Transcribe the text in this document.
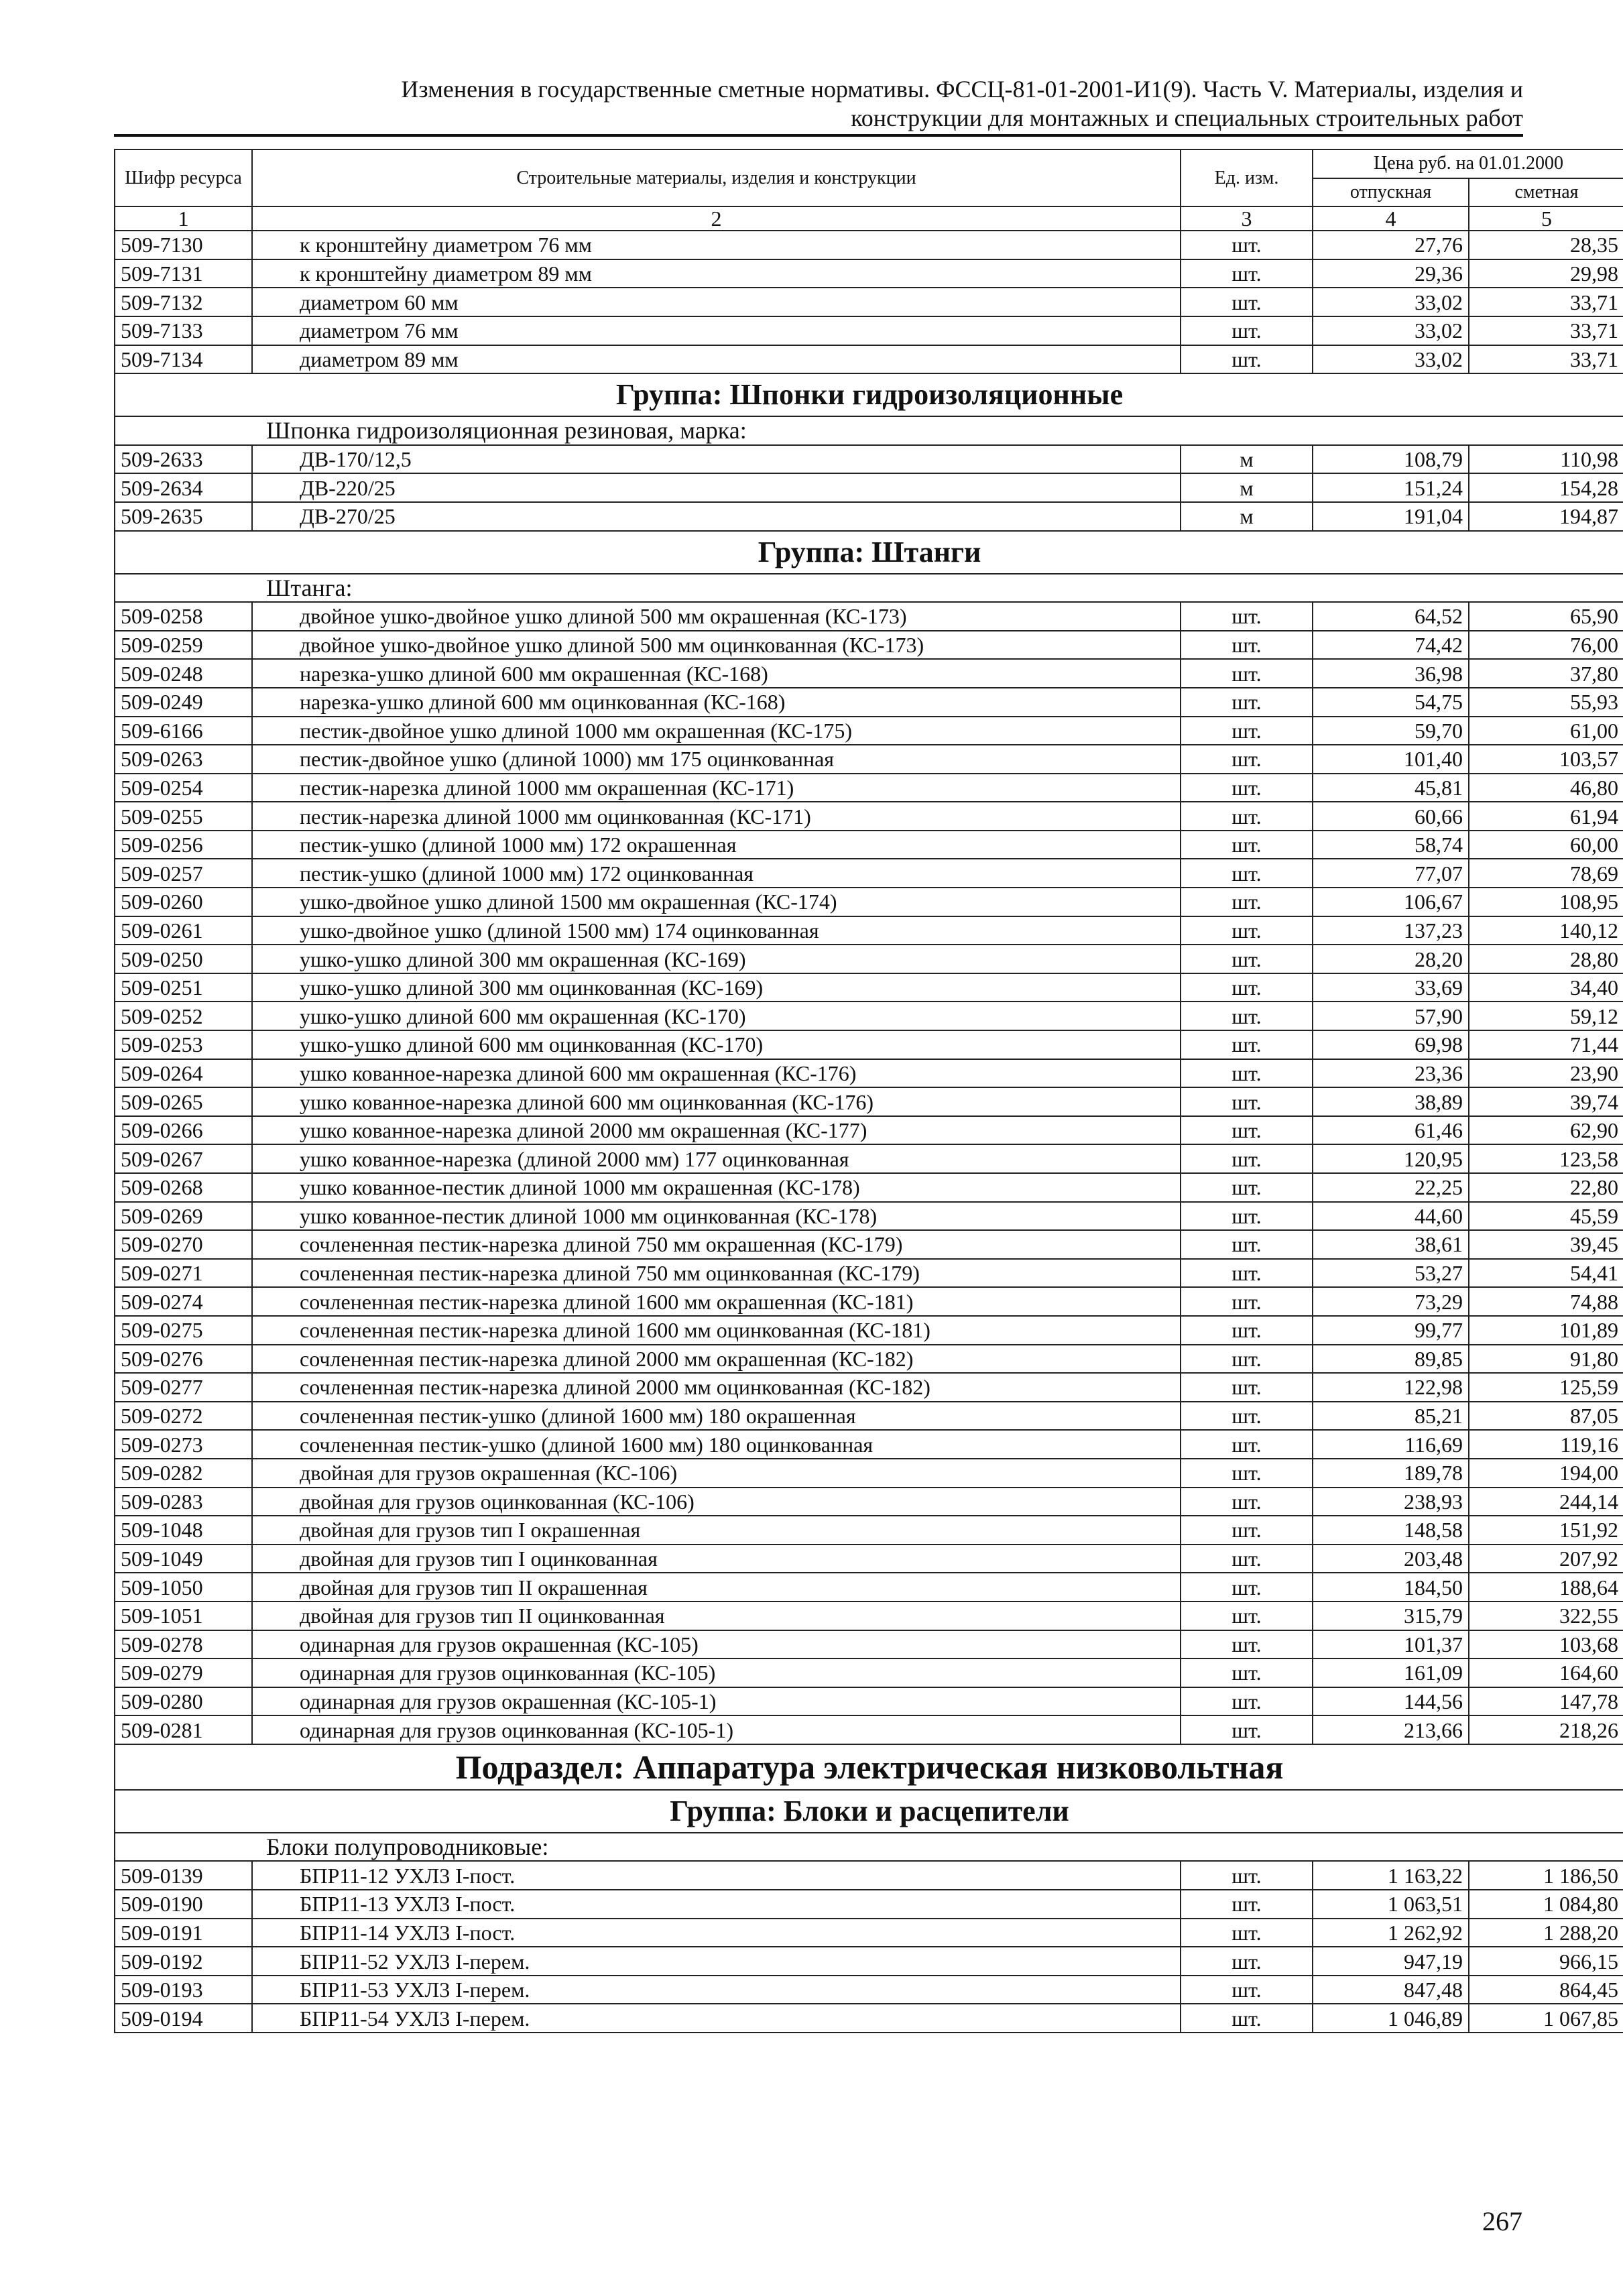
Изменения в государственные сметные нормативы. ФССЦ-81-01-2001-И1(9). Часть V. Материалы, изделия и
конструкции для монтажных и специальных строительных работ
Шифр ресурса	Строительные материалы, изделия и конструкции	Ед. изм.	Цена руб. на 01.01.2000	
			отпускная	сметная
1	2	3	4	5
509-7130	к кронштейну диаметром 76 мм	шт.	27,76	28,35
509-7131	к кронштейну диаметром 89 мм	шт.	29,36	29,98
509-7132	диаметром 60 мм	шт.	33,02	33,71
509-7133	диаметром 76 мм	шт.	33,02	33,71
509-7134	диаметром 89 мм	шт.	33,02	33,71
Группа: Шпонки гидроизоляционные				
Шпонка гидроизоляционная резиновая, марка:				
509-2633	ДВ-170/12,5	м	108,79	110,98
509-2634	ДВ-220/25	м	151,24	154,28
509-2635	ДВ-270/25	м	191,04	194,87
Группа: Штанги				
Штанга:				
509-0258	двойное ушко-двойное ушко длиной 500 мм окрашенная (КС-173)	шт.	64,52	65,90
509-0259	двойное ушко-двойное ушко длиной 500 мм оцинкованная (КС-173)	шт.	74,42	76,00
509-0248	нарезка-ушко длиной 600 мм окрашенная (КС-168)	шт.	36,98	37,80
509-0249	нарезка-ушко длиной 600 мм оцинкованная (КС-168)	шт.	54,75	55,93
509-6166	пестик-двойное ушко длиной 1000 мм окрашенная (КС-175)	шт.	59,70	61,00
509-0263	пестик-двойное ушко (длиной 1000) мм 175 оцинкованная	шт.	101,40	103,57
509-0254	пестик-нарезка длиной 1000 мм окрашенная (КС-171)	шт.	45,81	46,80
509-0255	пестик-нарезка длиной 1000 мм оцинкованная (КС-171)	шт.	60,66	61,94
509-0256	пестик-ушко (длиной 1000 мм) 172 окрашенная	шт.	58,74	60,00
509-0257	пестик-ушко (длиной 1000 мм) 172 оцинкованная	шт.	77,07	78,69
509-0260	ушко-двойное ушко длиной 1500 мм окрашенная (КС-174)	шт.	106,67	108,95
509-0261	ушко-двойное ушко (длиной 1500 мм) 174 оцинкованная	шт.	137,23	140,12
509-0250	ушко-ушко длиной 300 мм окрашенная (КС-169)	шт.	28,20	28,80
509-0251	ушко-ушко длиной 300 мм оцинкованная (КС-169)	шт.	33,69	34,40
509-0252	ушко-ушко длиной 600 мм окрашенная (КС-170)	шт.	57,90	59,12
509-0253	ушко-ушко длиной 600 мм оцинкованная (КС-170)	шт.	69,98	71,44
509-0264	ушко кованное-нарезка длиной 600 мм окрашенная (КС-176)	шт.	23,36	23,90
509-0265	ушко кованное-нарезка длиной 600 мм оцинкованная (КС-176)	шт.	38,89	39,74
509-0266	ушко кованное-нарезка длиной 2000 мм окрашенная (КС-177)	шт.	61,46	62,90
509-0267	ушко кованное-нарезка (длиной 2000 мм) 177 оцинкованная	шт.	120,95	123,58
509-0268	ушко кованное-пестик длиной 1000 мм окрашенная (КС-178)	шт.	22,25	22,80
509-0269	ушко кованное-пестик длиной 1000 мм оцинкованная (КС-178)	шт.	44,60	45,59
509-0270	сочлененная пестик-нарезка длиной 750 мм окрашенная (КС-179)	шт.	38,61	39,45
509-0271	сочлененная пестик-нарезка длиной 750 мм оцинкованная (КС-179)	шт.	53,27	54,41
509-0274	сочлененная пестик-нарезка длиной 1600 мм окрашенная (КС-181)	шт.	73,29	74,88
509-0275	сочлененная пестик-нарезка длиной 1600 мм оцинкованная (КС-181)	шт.	99,77	101,89
509-0276	сочлененная пестик-нарезка длиной 2000 мм окрашенная (КС-182)	шт.	89,85	91,80
509-0277	сочлененная пестик-нарезка длиной 2000 мм оцинкованная (КС-182)	шт.	122,98	125,59
509-0272	сочлененная пестик-ушко (длиной 1600 мм) 180 окрашенная	шт.	85,21	87,05
509-0273	сочлененная пестик-ушко (длиной 1600 мм) 180 оцинкованная	шт.	116,69	119,16
509-0282	двойная для грузов окрашенная (КС-106)	шт.	189,78	194,00
509-0283	двойная для грузов оцинкованная (КС-106)	шт.	238,93	244,14
509-1048	двойная для грузов тип I окрашенная	шт.	148,58	151,92
509-1049	двойная для грузов тип I оцинкованная	шт.	203,48	207,92
509-1050	двойная для грузов тип II окрашенная	шт.	184,50	188,64
509-1051	двойная для грузов тип II оцинкованная	шт.	315,79	322,55
509-0278	одинарная для грузов окрашенная (КС-105)	шт.	101,37	103,68
509-0279	одинарная для грузов оцинкованная (КС-105)	шт.	161,09	164,60
509-0280	одинарная для грузов окрашенная (КС-105-1)	шт.	144,56	147,78
509-0281	одинарная для грузов оцинкованная (КС-105-1)	шт.	213,66	218,26
Подраздел: Аппаратура электрическая низковольтная				
Группа: Блоки и расцепители				
Блоки полупроводниковые:				
509-0139	БПР11-12 УХЛ3 I-пост.	шт.	1 163,22	1 186,50
509-0190	БПР11-13 УХЛ3 I-пост.	шт.	1 063,51	1 084,80
509-0191	БПР11-14 УХЛ3 I-пост.	шт.	1 262,92	1 288,20
509-0192	БПР11-52 УХЛ3 I-перем.	шт.	947,19	966,15
509-0193	БПР11-53 УХЛ3 I-перем.	шт.	847,48	864,45
509-0194	БПР11-54 УХЛ3 I-перем.	шт.	1 046,89	1 067,85
267
